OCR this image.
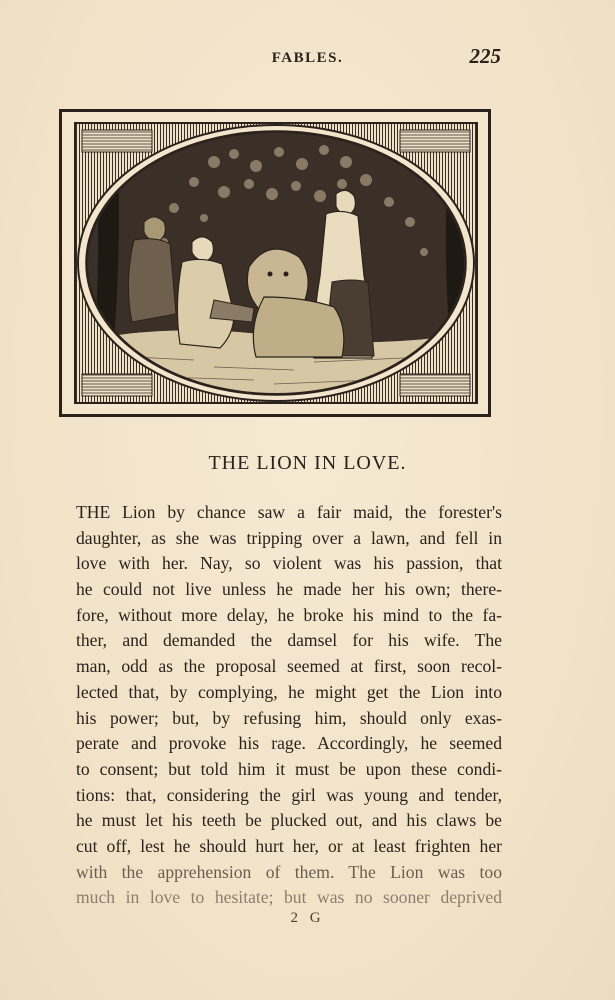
FABLES.	225
THE LION IN LOVE.
THE Lion by chance saw a fair maid, the forester's
daughter, as she was tripping over a lawn, and fell in
love with her. Nay, so violent was his passion, that
he could not live unless he made her his own; there-
fore, without more delay, he broke his mind to the fa-
ther, and demanded the damsel for his wife. The
man, odd as the proposal seemed at first, soon recol-
lected that, by complying, he might get the Lion into
his power; but, by refusing him, should only exas-
perate and provoke his rage. Accordingly, he seemed
to consent; but told him it must be upon these condi-
tions: that, considering the girl was young and tender,
he must let his teeth be plucked out, and his claws be
cut off, lest he should hurt her, or at least frighten her
with the apprehension of them. The Lion was too
much in love to hesitate; but was no sooner deprived
2 G
